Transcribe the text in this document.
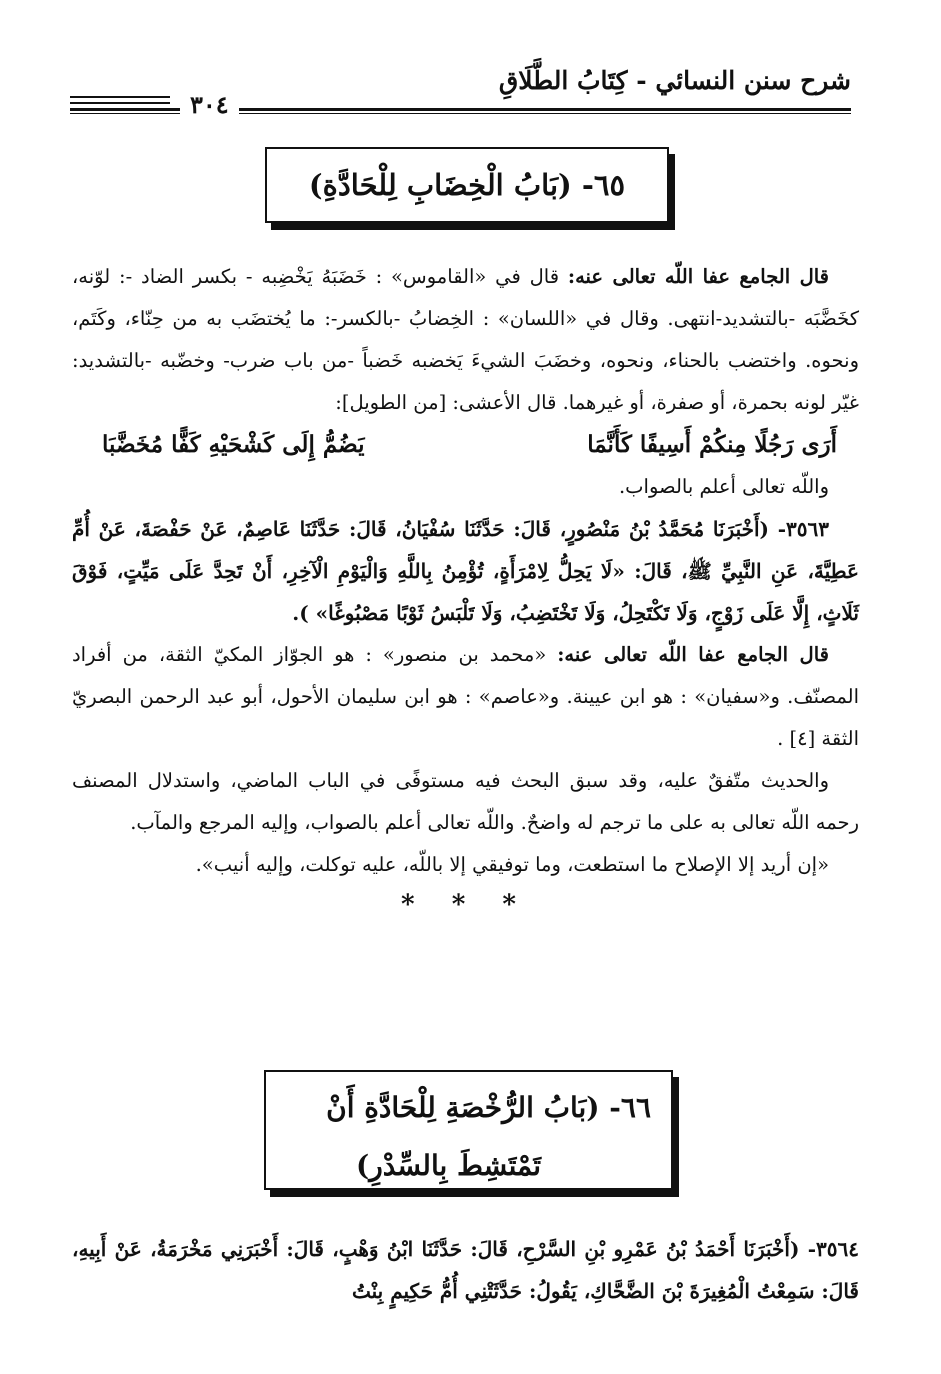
شرح سنن النسائي - كِتَابُ الطَّلَاقِ
٣٠٤
٦٥- (بَابُ الْخِضَابِ لِلْحَادَّةِ)

قال الجامع عفا اللّه تعالى عنه: قال في «القاموس» : خَضَبَهُ يَخْضِبه - بكسر الضاد -: لوّنه، كخَضَّبَه -بالتشديد-انتهى. وقال في «اللسان» : الخِضابُ -بالكسر-: ما يُختضَب به من حِنّاء، وكَتَم، ونحوه. واختضب بالحناء، ونحوه، وخضَبَ الشيءَ يَخضبه خَضباً -من باب ضرب- وخضّبه -بالتشديد: غيّر لونه بحمرة، أو صفرة، أو غيرهما. قال الأعشى: [من الطويل]:

أَرَى رَجُلًا مِنكُمْ أَسِيفًا كَأَنَّمَا
يَضُمُّ إِلَى كَشْحَيْهِ كَفًّا مُخَضَّبَا

واللّه تعالى أعلم بالصواب.

٣٥٦٣- (أَخْبَرَنَا مُحَمَّدُ بْنُ مَنْصُورٍ، قَالَ: حَدَّثَنَا سُفْيَانُ، قَالَ: حَدَّثَنَا عَاصِمٌ، عَنْ حَفْصَةَ، عَنْ أُمِّ عَطِيَّةَ، عَنِ النَّبِيِّ ﷺ، قَالَ: «لَا يَحِلُّ لِامْرَأَةٍ، تُؤْمِنُ بِاللَّهِ وَالْيَوْمِ الْآخِرِ، أَنْ تَحِدَّ عَلَى مَيِّتٍ، فَوْقَ ثَلَاثٍ، إِلَّا عَلَى زَوْجٍ، وَلَا تَكْتَحِلُ، وَلَا تَخْتَضِبُ، وَلَا تَلْبَسُ ثَوْبًا مَصْبُوغًا» ).

قال الجامع عفا اللّه تعالى عنه: «محمد بن منصور» : هو الجوّاز المكيّ الثقة، من أفراد المصنّف. و«سفيان» : هو ابن عيينة. و«عاصم» : هو ابن سليمان الأحول، أبو عبد الرحمن البصريّ الثقة [٤] .

والحديث متّفقٌ عليه، وقد سبق البحث فيه مستوفًى في الباب الماضي، واستدلال المصنف رحمه اللّه تعالى به على ما ترجم له واضحٌ. واللّه تعالى أعلم بالصواب، وإليه المرجع والمآب.

«إن أريد إلا الإصلاح ما استطعت، وما توفيقي إلا باللّه، عليه توكلت، وإليه أنيب».

* * *
٦٦- (بَابُ الرُّخْصَةِ لِلْحَادَّةِ أَنْ
تَمْتَشِطَ بِالسِّدْرِ)
٣٥٦٤- (أَخْبَرَنَا أَحْمَدُ بْنُ عَمْرِو بْنِ السَّرْحِ، قَالَ: حَدَّثَنَا ابْنُ وَهْبٍ، قَالَ: أَخْبَرَنِي مَخْرَمَةُ، عَنْ أَبِيهِ، قَالَ: سَمِعْتُ الْمُغِيرَةَ بْنَ الضَّحَّاكِ، يَقُولُ: حَدَّثَتْنِي أُمُّ حَكِيمٍ بِنْتُ
